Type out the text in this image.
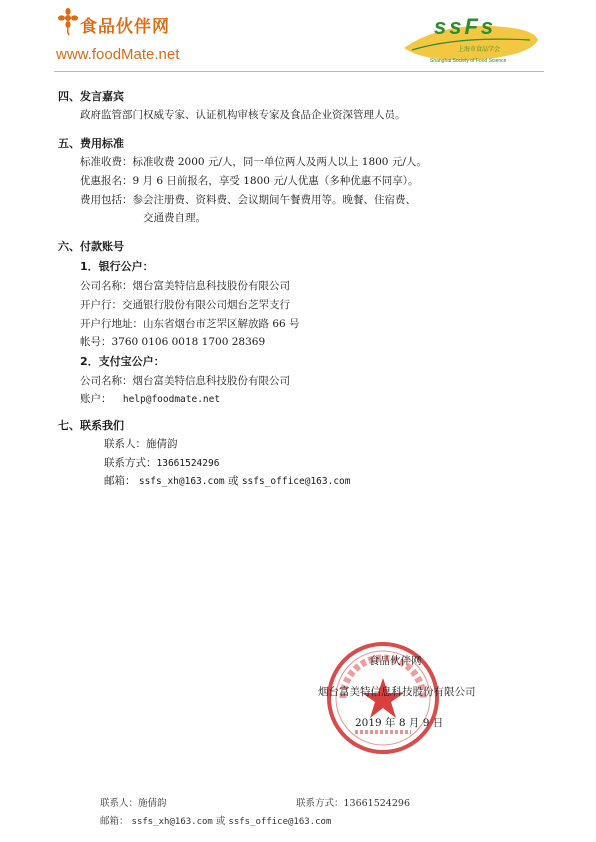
食品伙伴网
www.foodMate.net
ssFs
上海市食品学会
Shanghai Society of Food Science
四、发言嘉宾
政府监管部门权威专家、认证机构审核专家及食品企业资深管理人员。
五、费用标准
标准收费：标准收费 2000 元/人，同一单位两人及两人以上 1800 元/人。
优惠报名：9 月 6 日前报名，享受 1800 元/人优惠（多种优惠不同享）。
费用包括：参会注册费、资料费、会议期间午餐费用等。晚餐、住宿费、
交通费自理。
六、付款账号
1．银行公户：
公司名称：烟台富美特信息科技股份有限公司
开户行：交通银行股份有限公司烟台芝罘支行
开户行地址：山东省烟台市芝罘区解放路 66 号
帐号：3760 0106 0018 1700 28369
2．支付宝公户：
公司名称：烟台富美特信息科技股份有限公司
账户： help@foodmate.net
七、联系我们
联系人：施倩韵
联系方式：13661524296
邮箱： ssfs_xh@163.com 或 ssfs_office@163.com
食品伙伴网
烟台富美特信息科技股份有限公司
2019 年 8 月 9 日
联系人：施倩韵	联系方式：13661524296
邮箱： ssfs_xh@163.com 或 ssfs_office@163.com
